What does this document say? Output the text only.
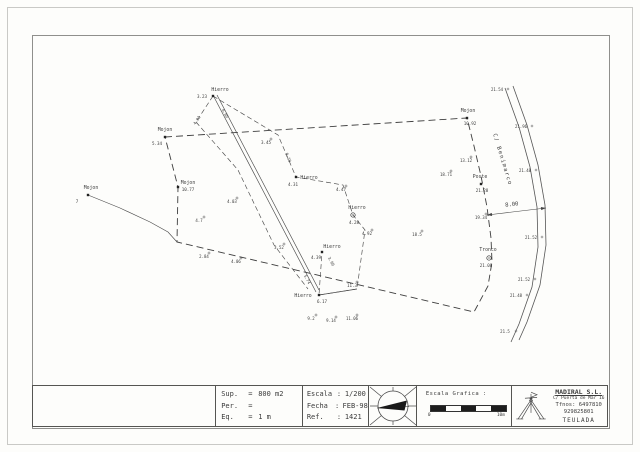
C/ Benimarco
8.00
Hierro
3.23
Hierro
4.31
Hierro
4.28
Hierro
4.39
Hierro
6.17
Mojon
5.34
Mojon
10.77
Mojon
10.92
Mojon
7
Poste
21.28
Tronco
21.08
3.45
4.47
4.92
11.3
21.54
21.96
21.48
21.52
21.52
21.48
21.5
4.03
4.7
2.84
4.06
3.52
9.2	9.14	11.06
18.5
18.71
13.12
19.34
8.80
4.92
8.38
3.90
5.74
Sup.	= 800 m2
Per.	=
Eq.	= 1 m
Escala : 1/200
Fecha	: FEB-98
Ref.	: 1421
Escala Grafica :
0	10m
MADIRAL S.L.
C/ Puerta de Mar 16
Tfnos: 6497810
929825801
TEULADA
